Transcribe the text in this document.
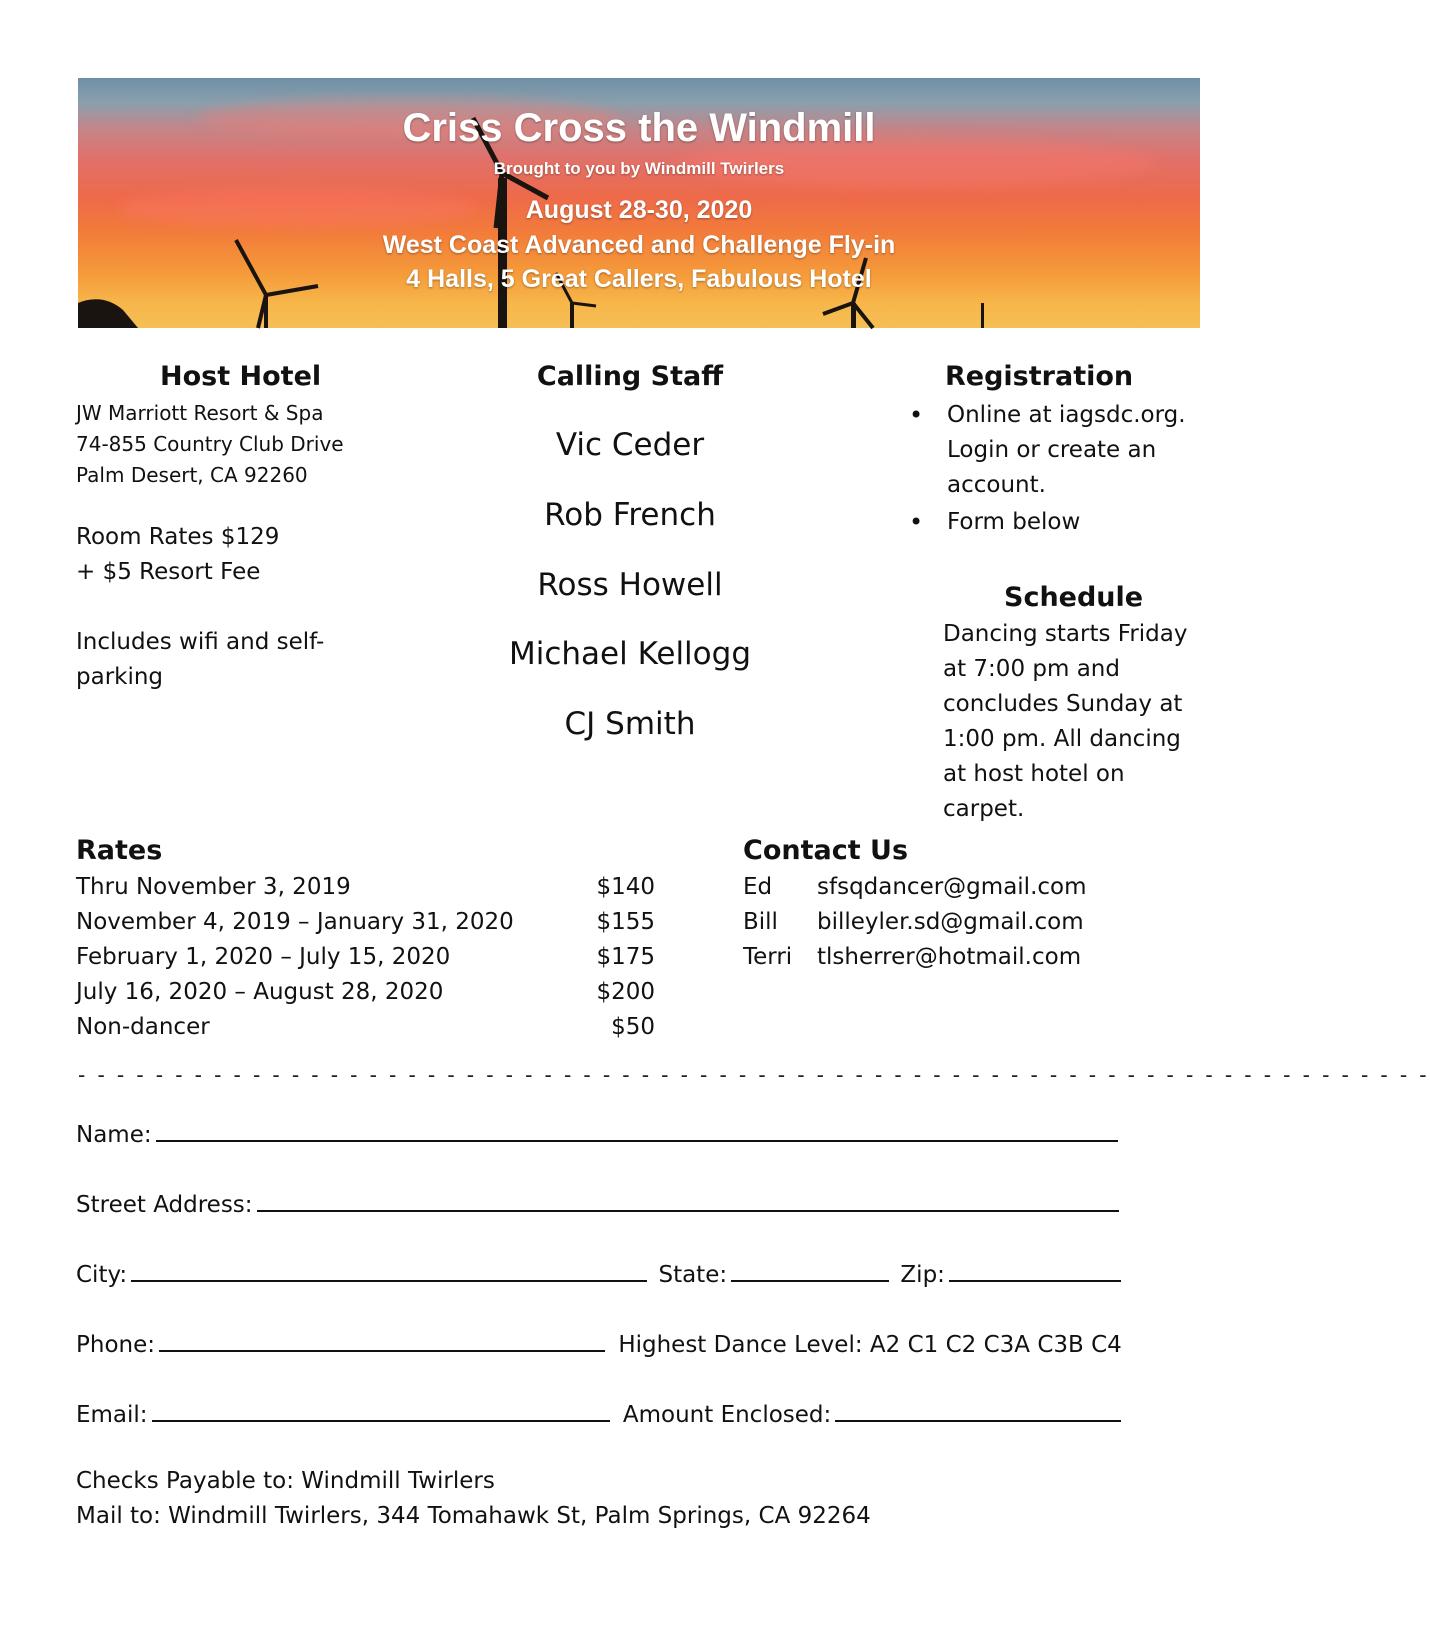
Criss Cross the Windmill
Brought to you by Windmill Twirlers
August 28-30, 2020
West Coast Advanced and Challenge Fly-in
4 Halls, 5 Great Callers, Fabulous Hotel
Host Hotel
JW Marriott Resort & Spa
74-855 Country Club Drive
Palm Desert, CA 92260
Room Rates $129
+ $5 Resort Fee
Includes wifi and self-
parking
Calling Staff
Vic Ceder
Rob French
Ross Howell
Michael Kellogg
CJ Smith
Registration
• Online at iagsdc.org. Login or create an account.
• Form below
Schedule
Dancing starts Friday
at 7:00 pm and
concludes Sunday at
1:00 pm. All dancing
at host hotel on
carpet.
Rates
Thru November 3, 2019	$140
November 4, 2019 – January 31, 2020	$155
February 1, 2020 – July 15, 2020	$175
July 16, 2020 – August 28, 2020	$200
Non-dancer	$50
Contact Us
Ed sfsqdancer@gmail.com
Bill billeyler.sd@gmail.com
Terri tlsherrer@hotmail.com
- - - - - - - - - - - - - - - - - - - - - - - - - - - - - - - - - - - - - - - - - - - - - - - - - - - - - - - - - - - - - - - - - - - - - -
Name:
Street Address:
City:	State:	Zip:
Phone:	Highest Dance Level: A2 C1 C2 C3A C3B C4
Email:	Amount Enclosed:
Checks Payable to: Windmill Twirlers
Mail to: Windmill Twirlers, 344 Tomahawk St, Palm Springs, CA 92264
